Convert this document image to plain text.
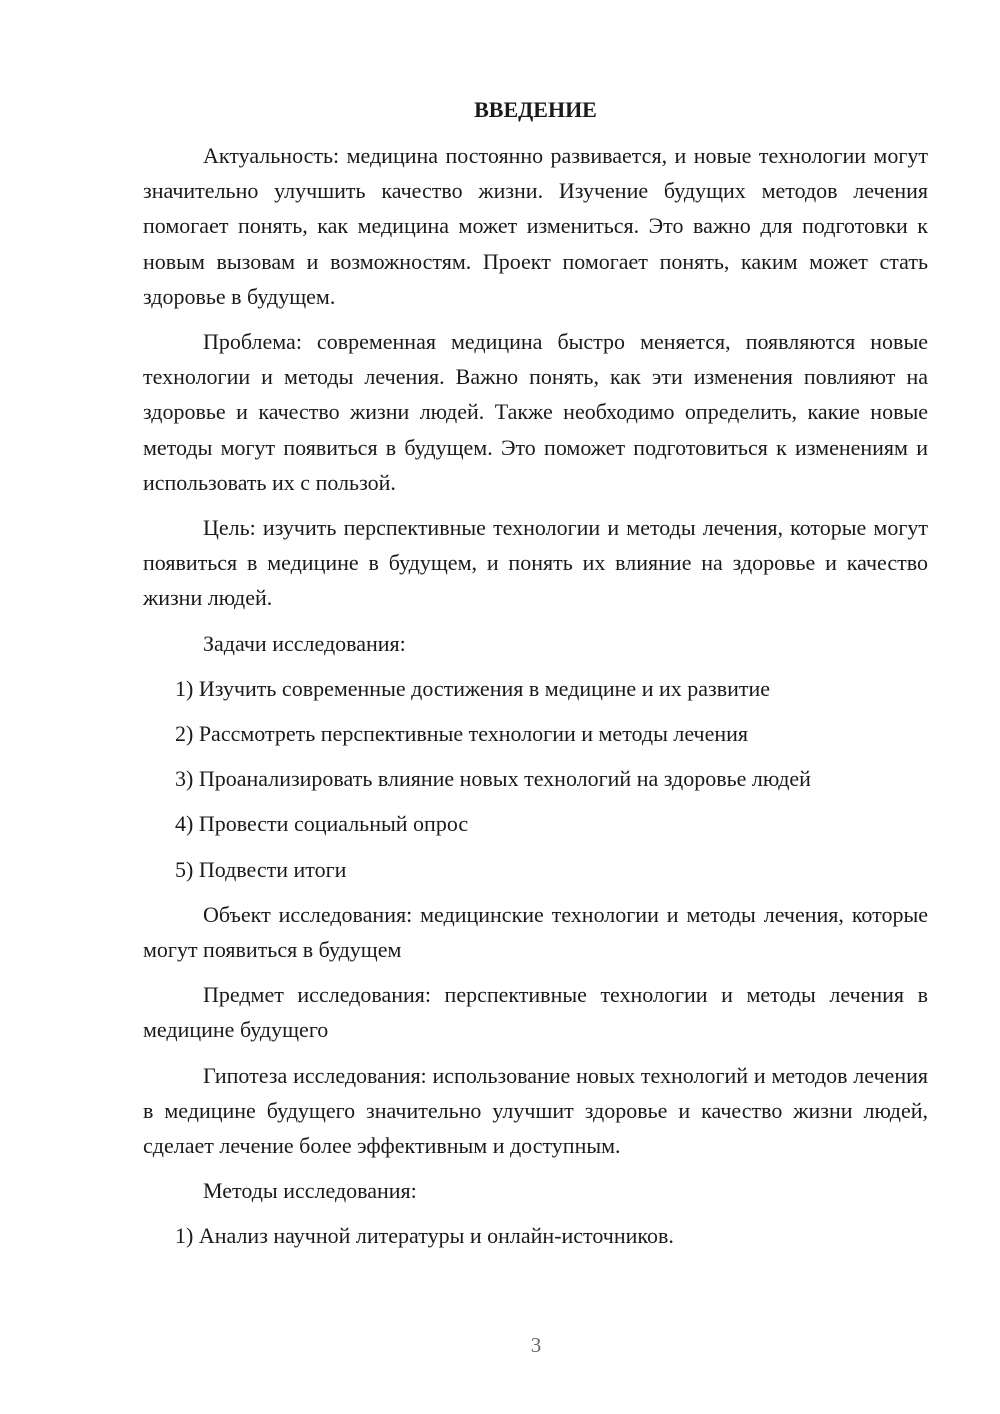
ВВЕДЕНИЕ

Актуальность: медицина постоянно развивается, и новые технологии могут значительно улучшить качество жизни. Изучение будущих методов лечения помогает понять, как медицина может измениться. Это важно для подготовки к новым вызовам и возможностям. Проект помогает понять, каким может стать здоровье в будущем.

Проблема: современная медицина быстро меняется, появляются новые технологии и методы лечения. Важно понять, как эти изменения повлияют на здоровье и качество жизни людей. Также необходимо определить, какие новые методы могут появиться в будущем. Это поможет подготовиться к изменениям и использовать их с пользой.

Цель: изучить перспективные технологии и методы лечения, которые могут появиться в медицине в будущем, и понять их влияние на здоровье и качество жизни людей.

Задачи исследования:

1) Изучить современные достижения в медицине и их развитие

2) Рассмотреть перспективные технологии и методы лечения

3) Проанализировать влияние новых технологий на здоровье людей

4) Провести социальный опрос

5) Подвести итоги

Объект исследования: медицинские технологии и методы лечения, которые могут появиться в будущем

Предмет исследования: перспективные технологии и методы лечения в медицине будущего

Гипотеза исследования: использование новых технологий и методов лечения в медицине будущего значительно улучшит здоровье и качество жизни людей, сделает лечение более эффективным и доступным.

Методы исследования:

1) Анализ научной литературы и онлайн-источников.

3
